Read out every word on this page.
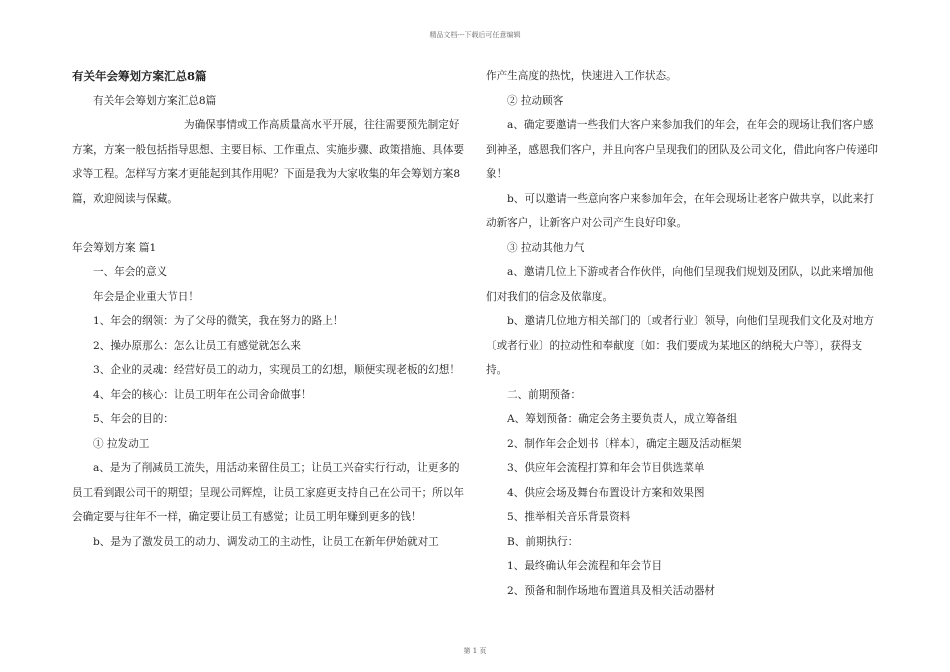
精品文档---下载后可任意编辑

有关年会筹划方案汇总8篇

有关年会筹划方案汇总8篇

为确保事情或工作高质量高水平开展，往往需要预先制定好方案，方案一般包括指导思想、主要目标、工作重点、实施步骤、政策措施、具体要求等工程。怎样写方案才更能起到其作用呢？下面是我为大家收集的年会筹划方案8篇，欢迎阅读与保藏。

年会筹划方案 篇1

一、年会的意义

年会是企业重大节日！

1、年会的纲领：为了父母的微笑，我在努力的路上！

2、操办原那么：怎么让员工有感觉就怎么来

3、企业的灵魂：经营好员工的动力，实现员工的幻想，顺便实现老板的幻想！

4、年会的核心：让员工明年在公司舍命做事！

5、年会的目的：

① 拉发动工

a、是为了削减员工流失，用活动来留住员工；让员工兴奋实行行动，让更多的员工看到跟公司干的期望；呈现公司辉煌，让员工家庭更支持自己在公司干；所以年会确定要与往年不一样，确定要让员工有感觉；让员工明年赚到更多的钱！

b、是为了激发员工的动力、调发动工的主动性，让员工在新年伊始就对工

作产生高度的热忱，快速进入工作状态。

② 拉动顾客

a、确定要邀请一些我们大客户来参加我们的年会，在年会的现场让我们客户感到神圣，感恩我们客户，并且向客户呈现我们的团队及公司文化，借此向客户传递印象！

b、可以邀请一些意向客户来参加年会，在年会现场让老客户做共享，以此来打动新客户，让新客户对公司产生良好印象。

③ 拉动其他力气

a、邀请几位上下游或者合作伙伴，向他们呈现我们规划及团队，以此来增加他们对我们的信念及依靠度。

b、邀请几位地方相关部门的〔或者行业〕领导，向他们呈现我们文化及对地方〔或者行业〕的拉动性和奉献度〔如：我们要成为某地区的纳税大户等〕，获得支持。

二、前期预备：

A、筹划预备：确定会务主要负责人，成立筹备组

2、制作年会企划书〔样本〕，确定主题及活动框架

3、供应年会流程打算和年会节目供选菜单

4、供应会场及舞台布置设计方案和效果图

5、推举相关音乐背景资料

B、前期执行：

1、最终确认年会流程和年会节目

2、预备和制作场地布置道具及相关活动器材

第 1 页
